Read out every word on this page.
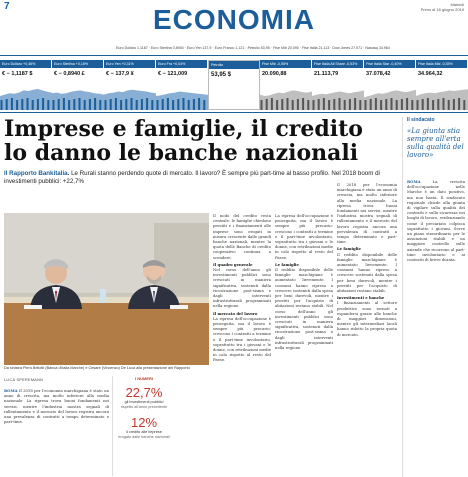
7	ECONOMIA	Martedì
Primo di 16 giugno 2019
Euro Dollaro 1,1187 · Euro Sterlina 0,8940 · Euro Yen 137,9 · Euro Franco 1,121 · Petrolio 53,95 · Ftse Mib 20.090 · Ftse Italia 21.113 · Dow Jones 27.071 · Nasdaq 34.964
Euro Dollaro +0,46%
€ − 1,1187 $
Euro Sterlina +0,16%
€ − 0,8940 £
Euro Yen +0,31%
€ − 137,9 ¥
Euro Fra +0,04%
€ − 121,009
Petrolio
53,95 $
Ftse Mib -0,55%
20.090,88
Ftse Italia All Share -0,53%
21.113,79
Ftse Italia Star -0,40%
37.078,42
Ftse Italia Mid -0,35%
34.964,32
Imprese e famiglie, il credito
lo danno le banche nazionali
Il Rapporto Bankitalia. Le Rurali stanno perdendo quote di mercato. Il lavoro? È sempre più part-time al basso profilo. Nel 2018 boom di investimenti pubblici: +22,7%
Da sinistra Piero Bellotti (Banca d'Italia Marche) e Cesare (Vincenzo) De Luca alla presentazione del Rapporto
LUCA SPEREMANN
ROMA Il 2018 per l'economia marchigiana è stato un anno di crescita, ma molto inferiore alla media nazionale. La ripresa trova buoni fondamenti nei servizi, mentre l'industria mostra segnali di rallentamento e il mercato del lavoro registra ancora una prevalenza di contratti a tempo determinato e part-time.
I NUMERI
22,7%
gli investimenti pubblici
rispetto all'anno precedente
12%
il credito alle imprese
erogato dalle banche nazionali
Il nodo del credito resta centrale: le famiglie chiedono prestiti e i finanziamenti alle imprese sono erogati in misura crescente dalle grandi banche nazionali, mentre la quota delle Banche di credito cooperativo continua a scendere.
Il quadro generale
Nel corso dell'anno gli investimenti pubblici sono cresciuti in maniera significativa, sostenuti dalla ricostruzione post-sisma e dagli interventi infrastrutturali programmati nella regione.
Il mercato del lavoro
La ripresa dell'occupazione è proseguita, ma il lavoro è sempre più precario: crescono i contratti a termine e il part-time involontario, soprattutto tra i giovani e le donne, con retribuzioni medie in calo rispetto al resto del Paese.
La ripresa dell'occupazione è proseguita, ma il lavoro è sempre più precario: crescono i contratti a termine e il part-time involontario, soprattutto tra i giovani e le donne, con retribuzioni medie in calo rispetto al resto del Paese.
Le famiglie
Il reddito disponibile delle famiglie marchigiane è aumentato lievemente. I consumi hanno ripreso a crescere sostenuti dalla spesa per beni durevoli, mentre i prestiti per l'acquisto di abitazioni restano stabili. Nel corso dell'anno gli investimenti pubblici sono cresciuti in maniera significativa, sostenuti dalla ricostruzione post-sisma e dagli interventi infrastrutturali programmati nella regione.
Il 2018 per l'economia marchigiana è stato un anno di crescita, ma molto inferiore alla media nazionale. La ripresa trova buoni fondamenti nei servizi, mentre l'industria mostra segnali di rallentamento e il mercato del lavoro registra ancora una prevalenza di contratti a tempo determinato e part-time.
Le famiglie
Il reddito disponibile delle famiglie marchigiane è aumentato lievemente. I consumi hanno ripreso a crescere sostenuti dalla spesa per beni durevoli, mentre i prestiti per l'acquisto di abitazioni restano stabili.
Investimenti e banche
I finanziamenti al settore produttivo sono tornati a espandersi grazie alle banche di maggiori dimensioni, mentre gli intermediari locali hanno ridotto la propria quota di mercato.
Il sindacato
«La giunta stia sempre all'erta sulla qualità del lavoro»
ROMA	La crescita dell'occupazione nelle Marche è un dato positivo, ma non basta. Il sindacato regionale chiede alla giunta di vigilare sulla qualità dei contratti e sulla sicurezza nei luoghi di lavoro, evidenziando come il precariato colpisca soprattutto i giovani. Serve un piano straordinario per le assunzioni stabili e un maggiore controllo sulle aziende che ricorrono al part-time involontario e ai contratti di breve durata.
